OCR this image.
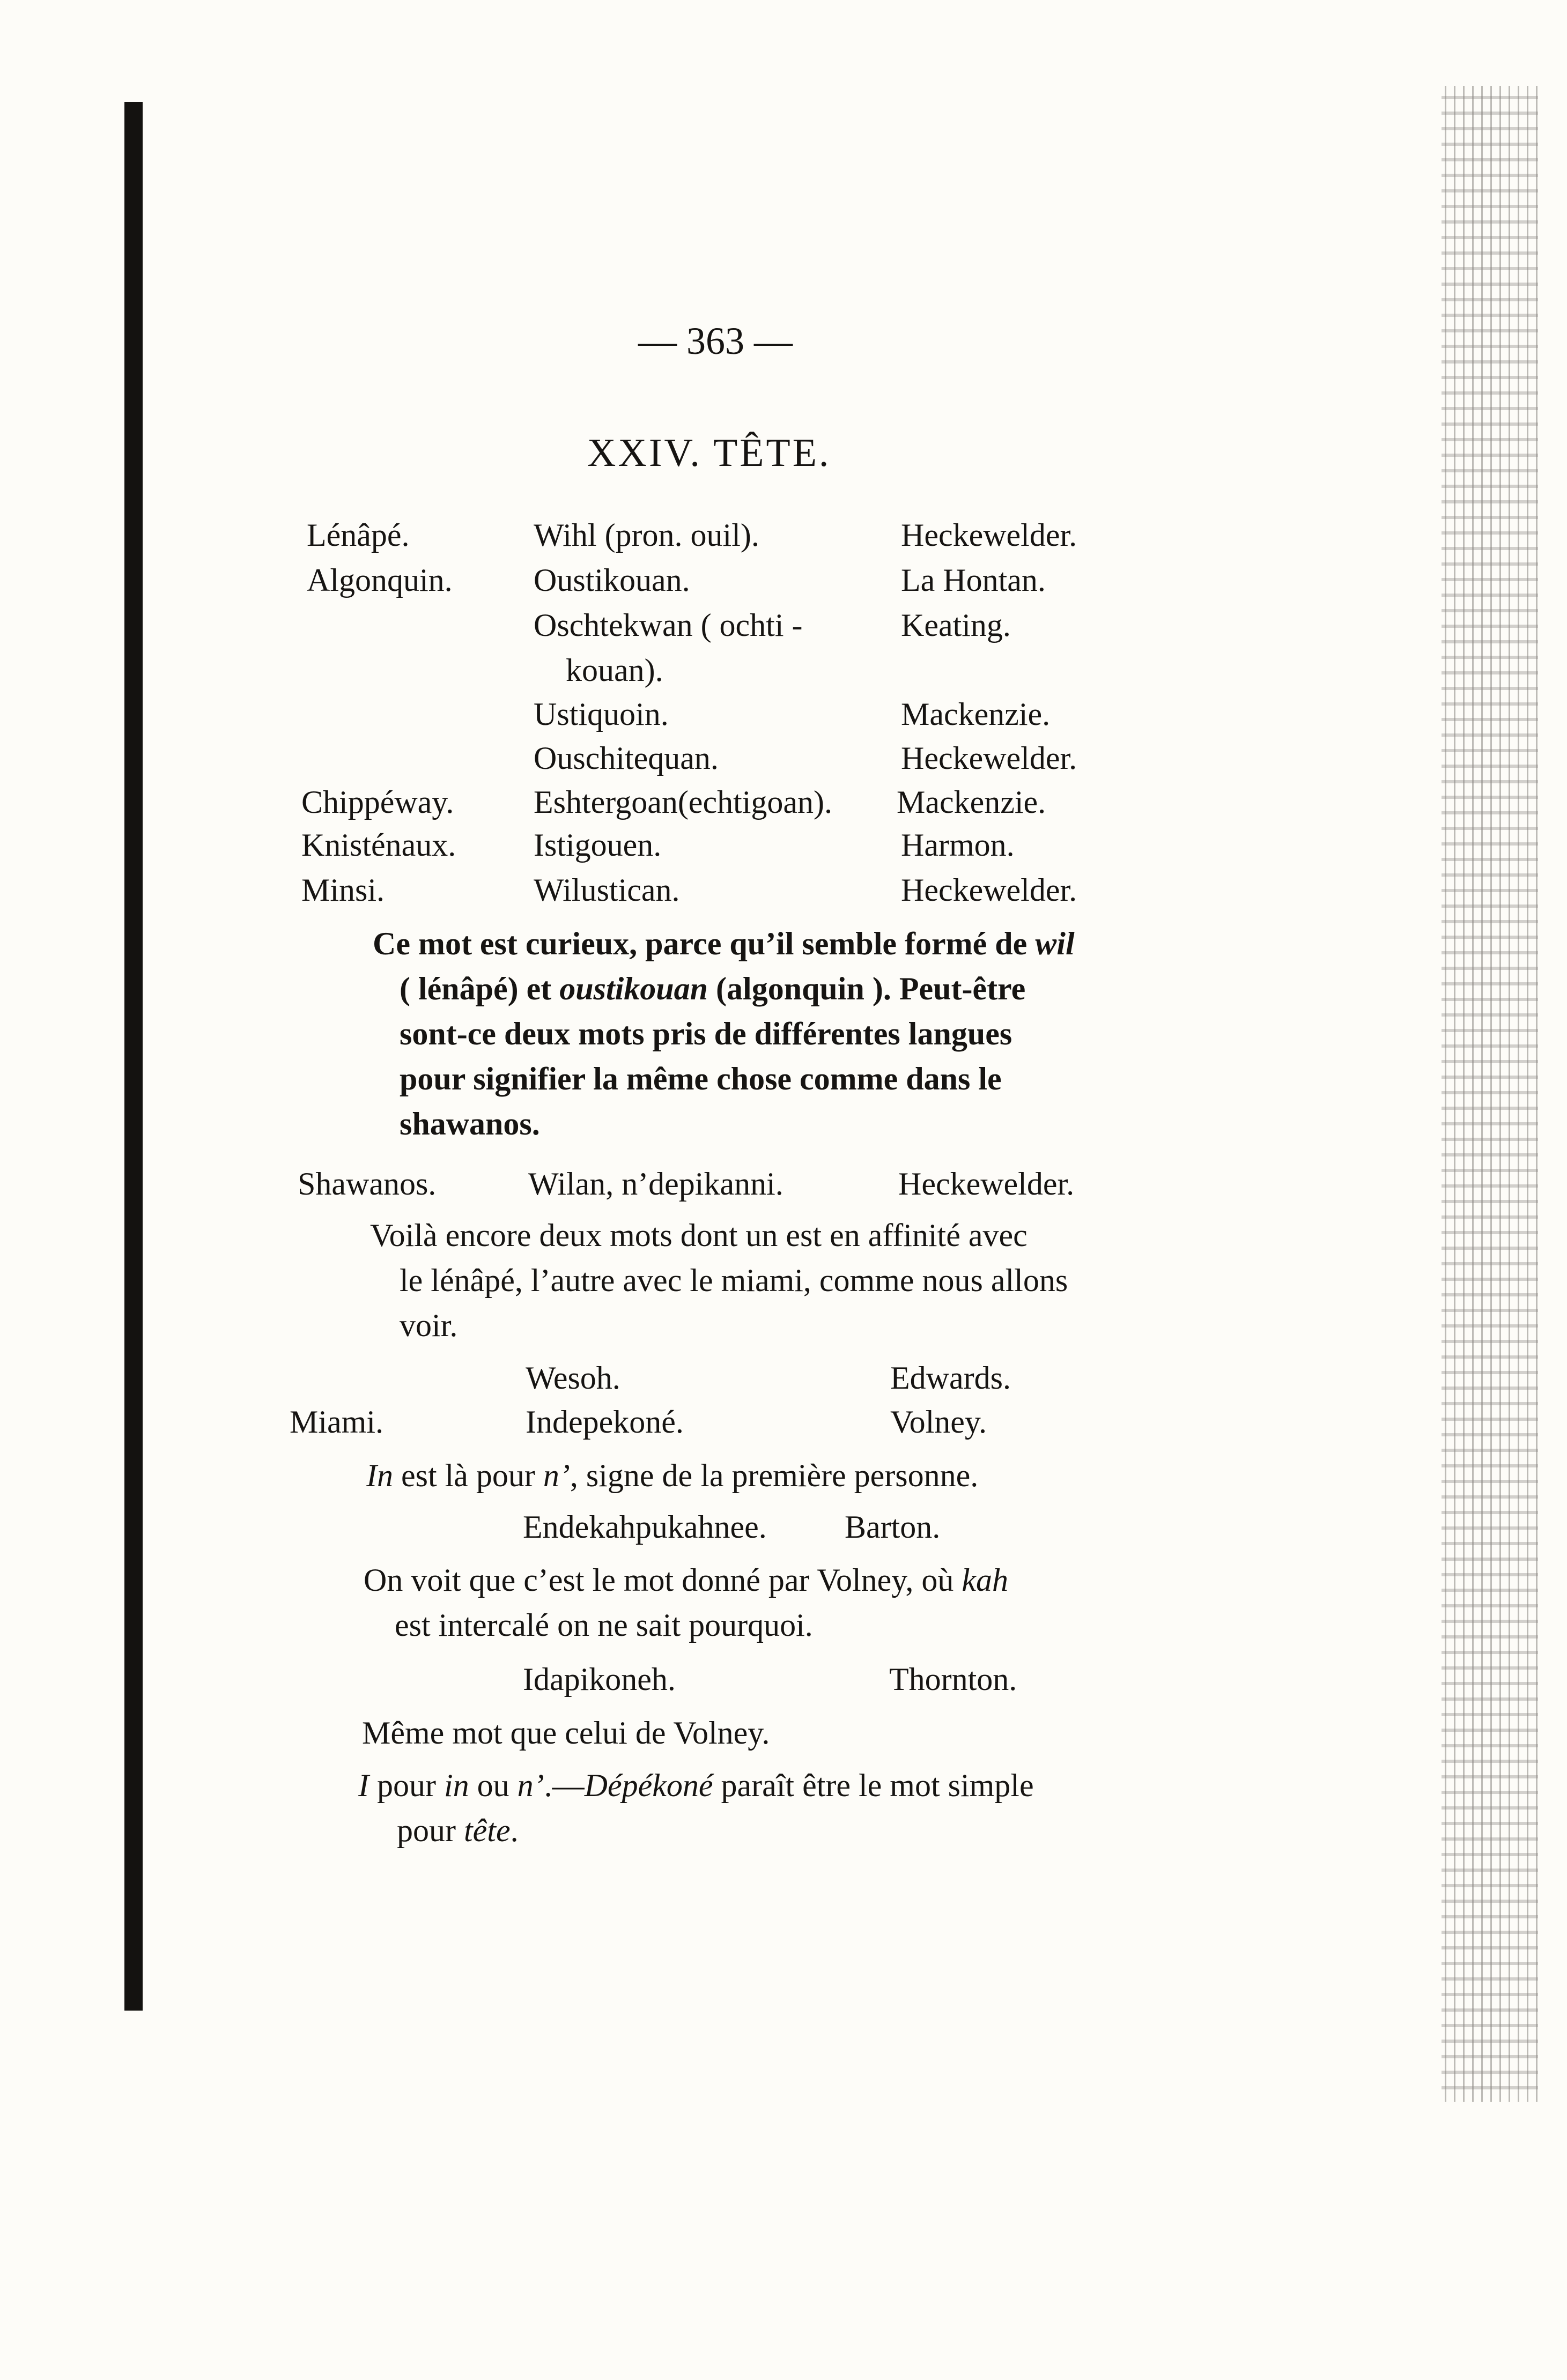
— 363 —
XXIV. TÊTE.
Lénâpé.	Wihl (pron. ouil).	Heckewelder.
Algonquin.	Oustikouan.	La Hontan.
Oschtekwan ( ochti -	Keating.
kouan).
Ustiquoin.	Mackenzie.
Ouschitequan.	Heckewelder.
Chippéway. Eshtergoan(echtigoan). Mackenzie.
Knisténaux. Istigouen.	Harmon.
Minsi.	Wilustican.	Heckewelder.
Ce mot est curieux, parce qu’il semble formé de wil
( lénâpé) et oustikouan (algonquin ). Peut-être
sont-ce deux mots pris de différentes langues
pour signifier la même chose comme dans le
shawanos.
Shawanos.	Wilan, n’depikanni.	Heckewelder.
Voilà encore deux mots dont un est en affinité avec
le lénâpé, l’autre avec le miami, comme nous allons
voir.
Wesoh.	Edwards.
Miami.	Indepekoné.	Volney.
In est là pour n’, signe de la première personne.
Endekahpukahnee. Barton.
On voit que c’est le mot donné par Volney, où kah
est intercalé on ne sait pourquoi.
Idapikoneh.	Thornton.
Même mot que celui de Volney.
I pour in ou n’.—Dépékoné paraît être le mot simple
pour tête.
